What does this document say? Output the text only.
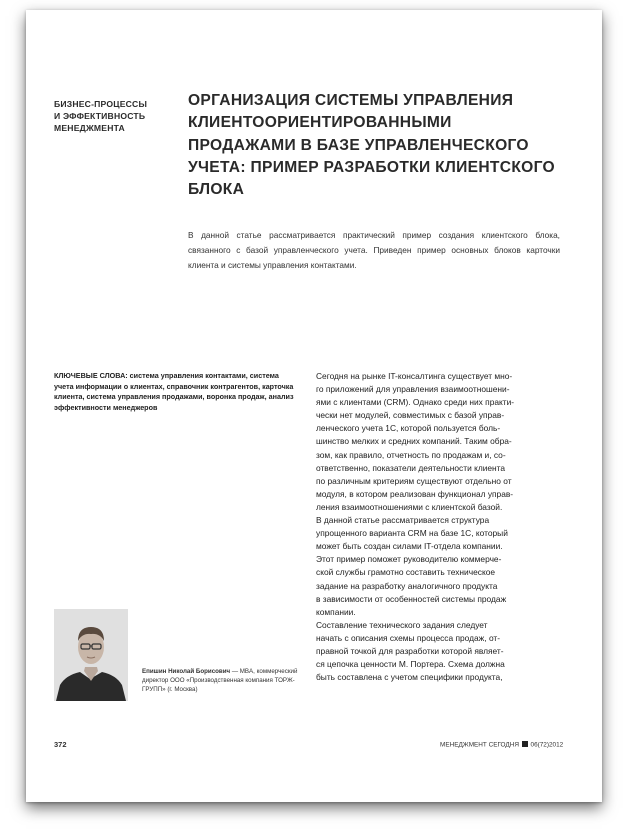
БИЗНЕС-ПРОЦЕССЫ
И ЭФФЕКТИВНОСТЬ
МЕНЕДЖМЕНТА
ОРГАНИЗАЦИЯ СИСТЕМЫ УПРАВЛЕНИЯ
КЛИЕНТООРИЕНТИРОВАННЫМИ
ПРОДАЖАМИ В БАЗЕ УПРАВЛЕНЧЕСКОГО
УЧЕТА: ПРИМЕР РАЗРАБОТКИ КЛИЕНТСКОГО
БЛОКА

В данной статье рассматривается практический пример создания клиентского блока, связанного с базой управленческого учета. Приведен пример основных блоков карточки клиента и системы управления контактами.

КЛЮЧЕВЫЕ СЛОВА: система управления контактами, система учета информации о клиентах, справочник контрагентов, карточка клиента, система управления продажами, воронка продаж, анализ эффективности менеджеров
Сегодня на рынке IT-консалтинга существует мно-
го приложений для управления взаимоотношени-
ями с клиентами (CRM). Однако среди них практи-
чески нет модулей, совместимых с базой управ-
ленческого учета 1С, которой пользуется боль-
шинство мелких и средних компаний. Таким обра-
зом, как правило, отчетность по продажам и, со-
ответственно, показатели деятельности клиента
по различным критериям существуют отдельно от
модуля, в котором реализован функционал управ-
ления взаимоотношениями с клиентской базой.
В данной статье рассматривается структура
упрощенного варианта CRM на базе 1С, который
может быть создан силами IT-отдела компании.
Этот пример поможет руководителю коммерче-
ской службы грамотно составить техническое
задание на разработку аналогичного продукта
в зависимости от особенностей системы продаж
компании.
Составление технического задания следует
начать с описания схемы процесса продаж, от-
правной точкой для разработки которой являет-
ся цепочка ценности М. Портера. Схема должна
быть составлена с учетом специфики продукта,
Епишин Николай Борисович — MBA, коммерческий директор ООО «Производственная компания ТОРЖ-ГРУПП» (г. Москва)
372	МЕНЕДЖМЕНТ СЕГОДНЯ 06(72)2012
